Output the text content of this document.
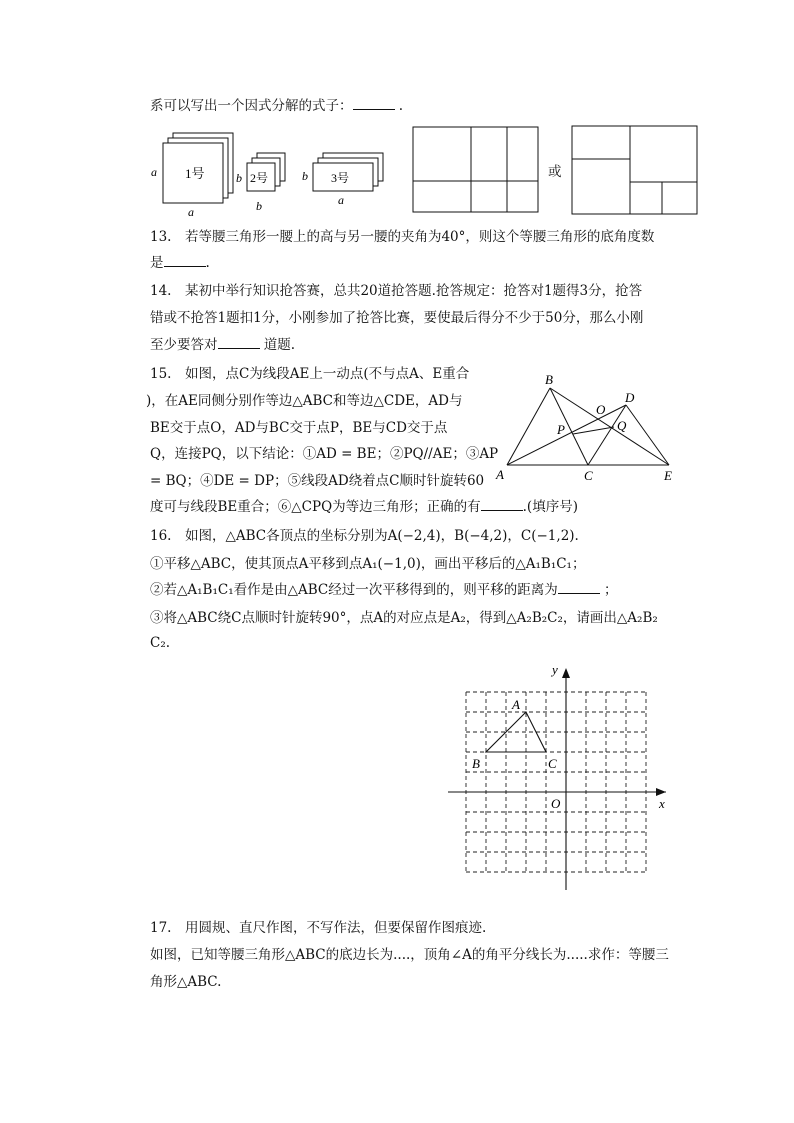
系可以写出一个因式分解的式子：	.
1号	2号	3号
a
a
b
b
b
a
或
13.　若等腰三角形一腰上的高与另一腰的夹角为40°，则这个等腰三角形的底角度数
是	.
14.　某初中举行知识抢答赛，总共20道抢答题.抢答规定：抢答对1题得3分，抢答
错或不抢答1题扣1分，小刚参加了抢答比赛，要使最后得分不少于50分，那么小刚
至少要答对	道题.
15.　如图，点C为线段AE上一动点(不与点A、E重合
)，在AE同侧分别作等边△ABC和等边△CDE，AD与
BE交于点O，AD与BC交于点P，BE与CD交于点
Q，连接PQ，以下结论：①AD = BE；②PQ//AE；③AP
= BQ；④DE = DP；⑤线段AD绕着点C顺时针旋转60
度可与线段BE重合；⑥△CPQ为等边三角形；正确的有	.(填序号)
B
A	C	E
D
O
P	Q
16.　如图，△ABC各顶点的坐标分别为A(−2,4)，B(−4,2)，C(−1,2).
①平移△ABC，使其顶点A平移到点A₁(−1,0)，画出平移后的△A₁B₁C₁；
②若△A₁B₁C₁看作是由△ABC经过一次平移得到的，则平移的距离为	；
③将△ABC绕C点顺时针旋转90°，点A的对应点是A₂，得到△A₂B₂C₂，请画出△A₂B₂
C₂.
y
x
O
A
B	C
17.　用圆规、直尺作图，不写作法，但要保留作图痕迹.
如图，已知等腰三角形△ABC的底边长为....，顶角∠A的角平分线长为.....求作：等腰三
角形△ABC.
